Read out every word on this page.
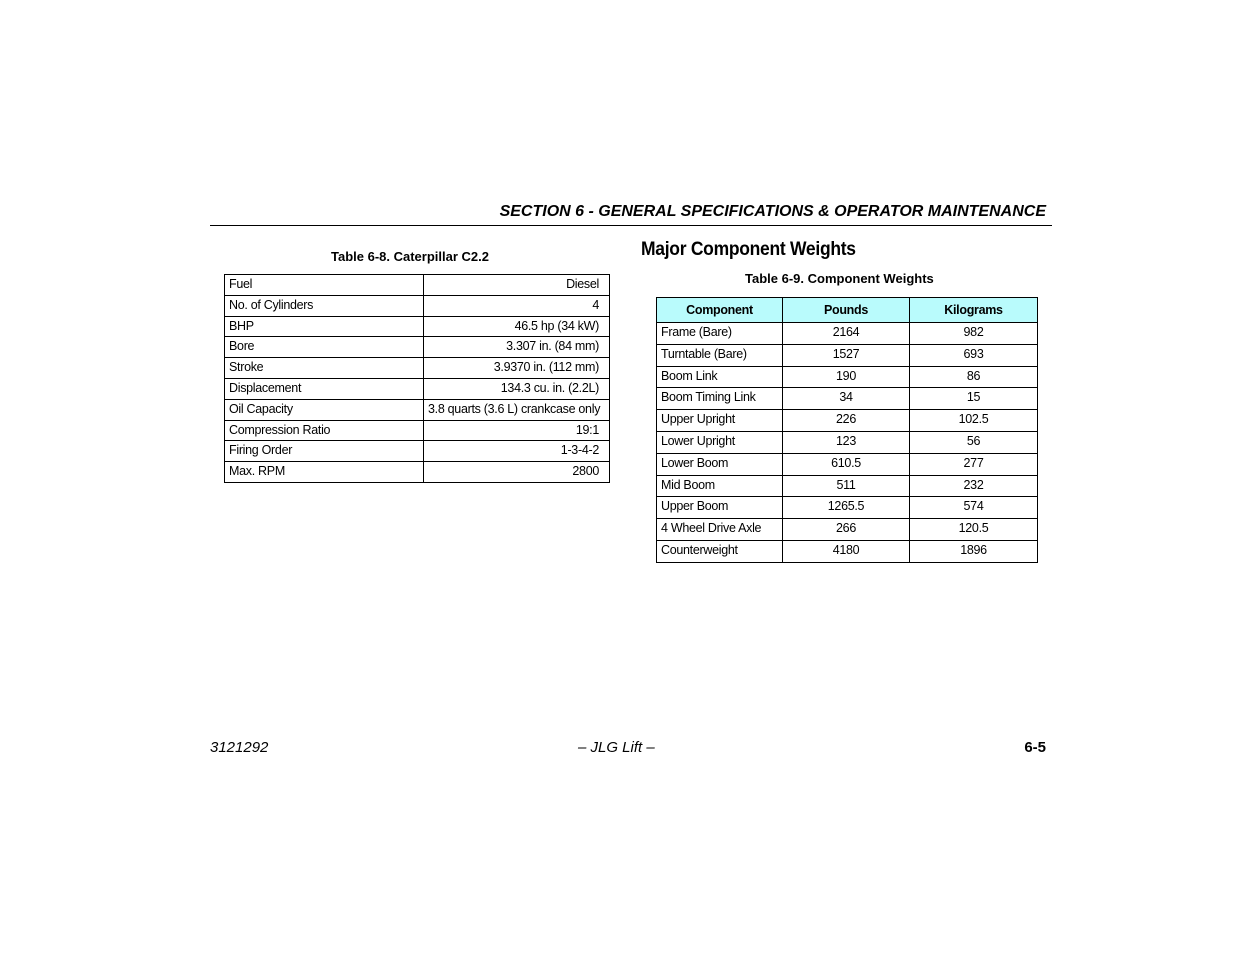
SECTION 6 - GENERAL SPECIFICATIONS & OPERATOR MAINTENANCE
Table 6-8. Caterpillar C2.2
Fuel	Diesel
No. of Cylinders	4
BHP	46.5 hp (34 kW)
Bore	3.307 in. (84 mm)
Stroke	3.9370 in. (112 mm)
Displacement	134.3 cu. in. (2.2L)
Oil Capacity	3.8 quarts (3.6 L) crankcase only
Compression Ratio	19:1
Firing Order	1-3-4-2
Max. RPM	2800
Major Component Weights
Table 6-9. Component Weights
Component	Pounds	Kilograms
Frame (Bare)	2164	982
Turntable (Bare)	1527	693
Boom Link	190	86
Boom Timing Link	34	15
Upper Upright	226	102.5
Lower Upright	123	56
Lower Boom	610.5	277
Mid Boom	511	232
Upper Boom	1265.5	574
4 Wheel Drive Axle	266	120.5
Counterweight	4180	1896
3121292	– JLG Lift –	6-5
